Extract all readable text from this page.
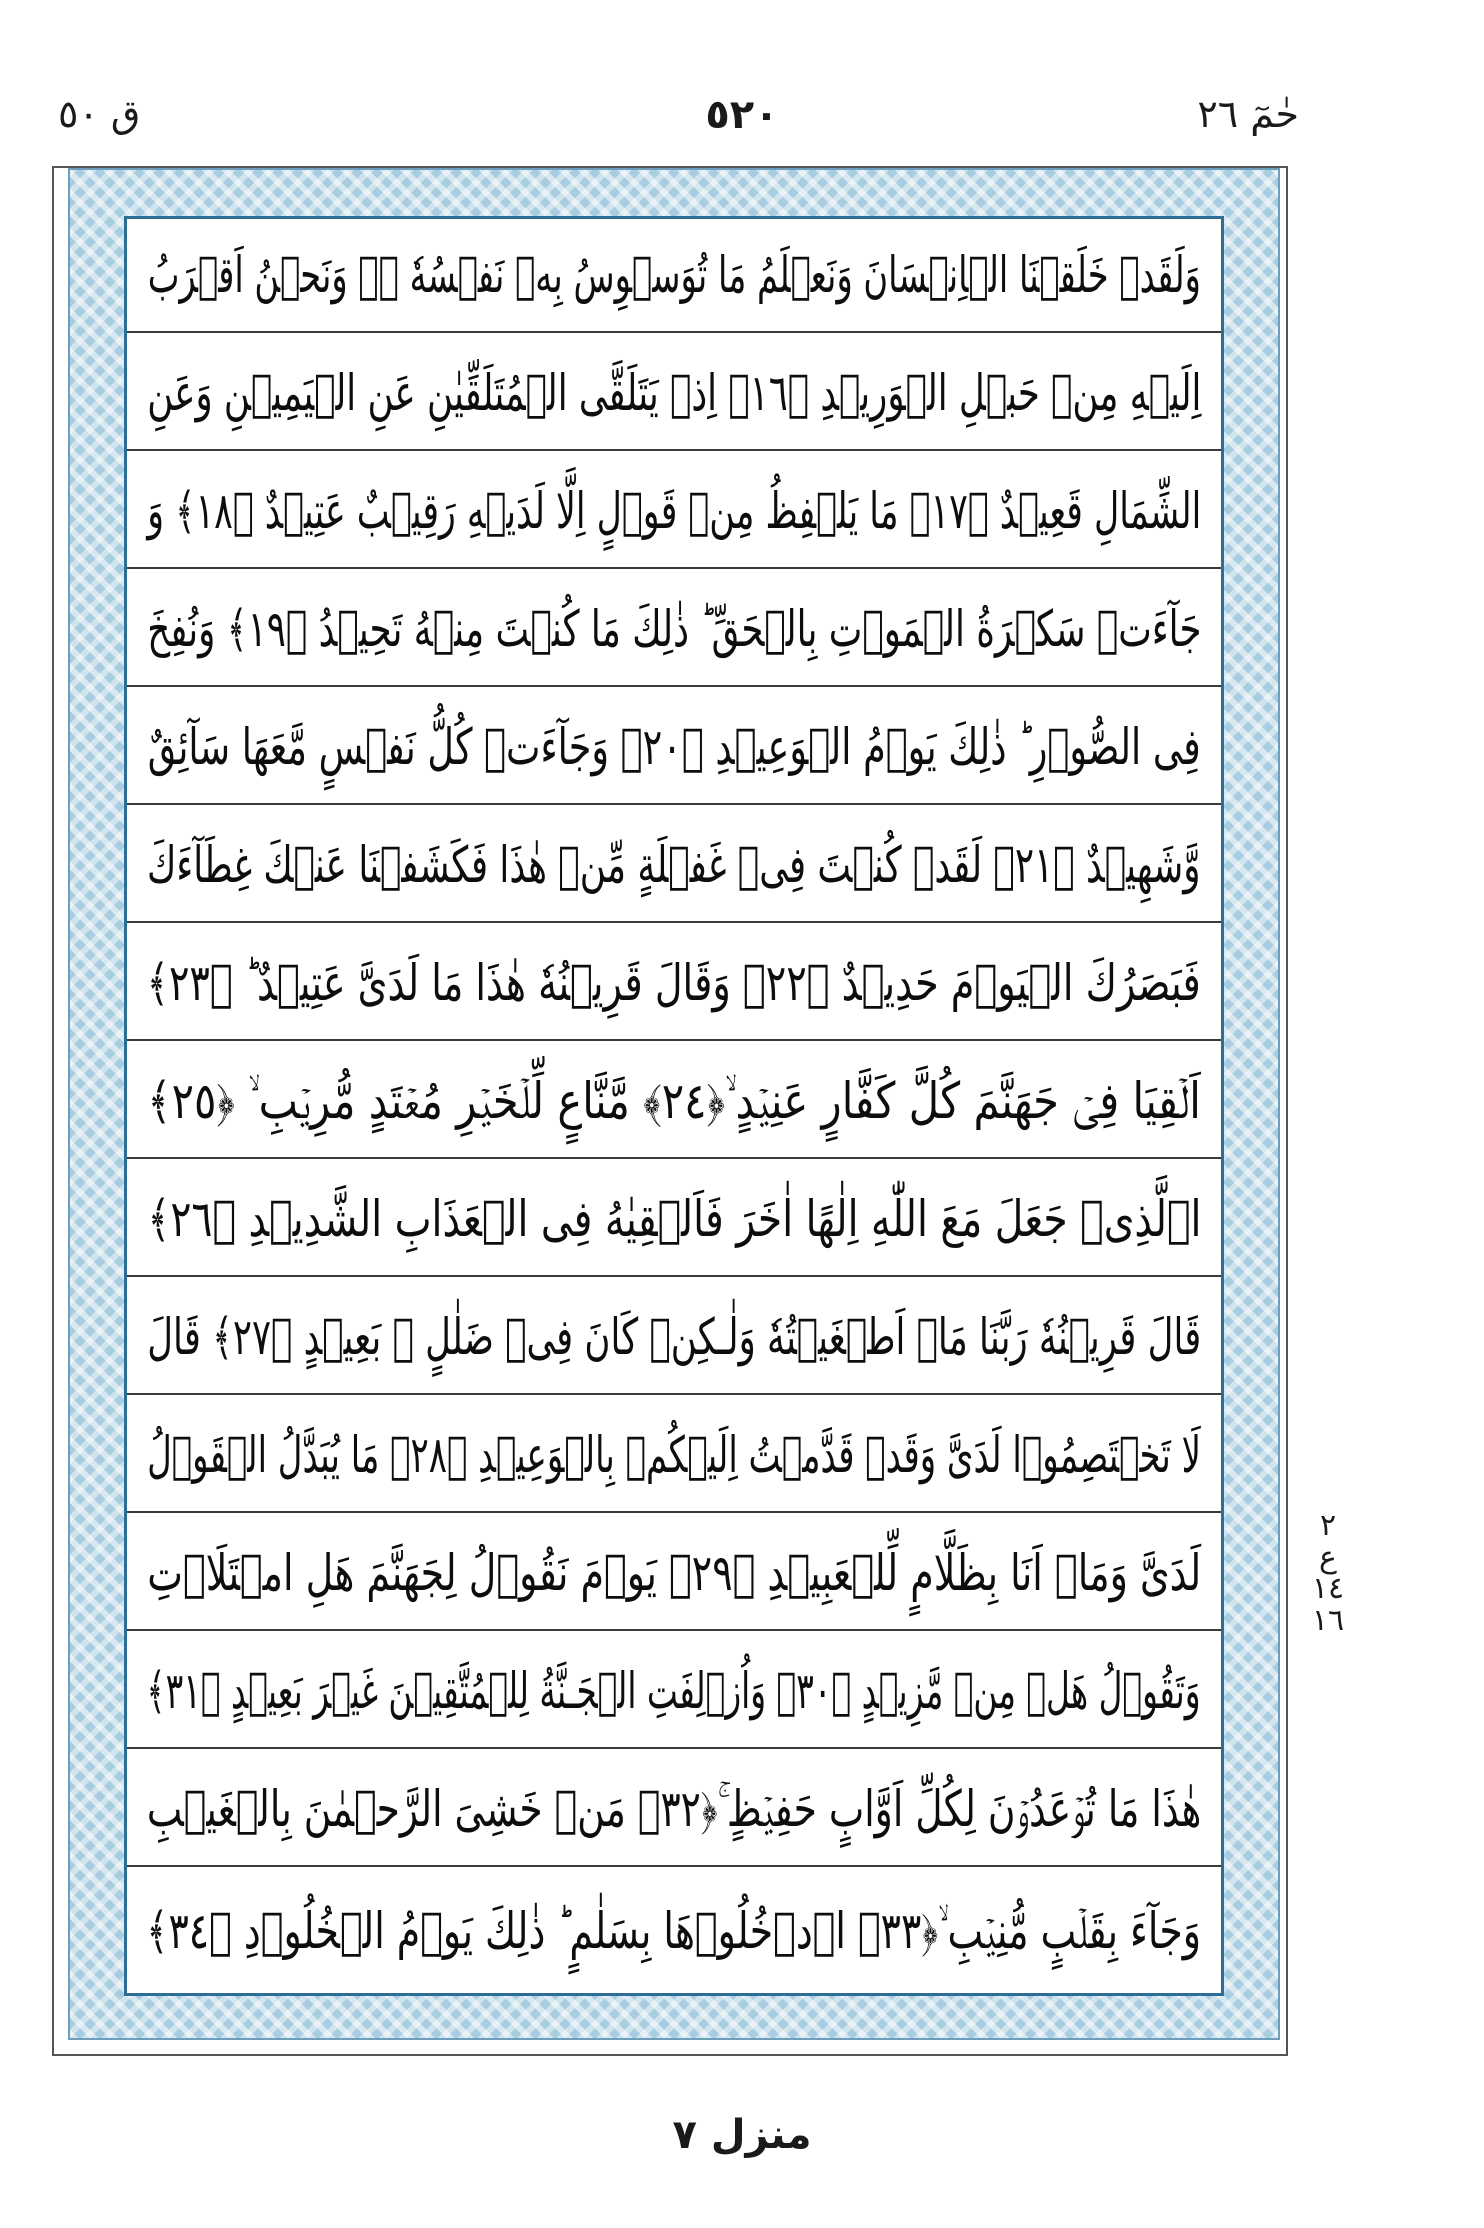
ق ٥٠	٥٢٠	حٰمٓ ٢٦
وَلَقَدۡ خَلَقۡنَا الۡاِنۡسَانَ وَنَعۡلَمُ مَا تُوَسۡوِسُ بِهٖ نَفۡسُهٗ ۖۚ وَنَحۡنُ اَقۡرَبُ
اِلَيۡهِ مِنۡ حَبۡلِ الۡوَرِيۡدِ ﴿١٦﴾ اِذۡ يَتَلَقَّى الۡمُتَلَقِّيٰنِ عَنِ الۡيَمِيۡنِ وَعَنِ
الشِّمَالِ قَعِيۡدٌ ﴿١٧﴾ مَا يَلۡفِظُ مِنۡ قَوۡلٍ اِلَّا لَدَيۡهِ رَقِيۡبٌ عَتِيۡدٌ ﴿١٨﴾ وَ
جَآءَتۡ سَكۡرَةُ الۡمَوۡتِ بِالۡحَقِّ ؕ ذٰلِكَ مَا كُنۡتَ مِنۡهُ تَحِيۡدُ ﴿١٩﴾ وَنُفِخَ
فِى الصُّوۡرِ ؕ ذٰلِكَ يَوۡمُ الۡوَعِيۡدِ ﴿٢٠﴾ وَجَآءَتۡ كُلُّ نَفۡسٍ مَّعَهَا سَآئِقٌ
وَّشَهِيۡدٌ ﴿٢١﴾ لَقَدۡ كُنۡتَ فِىۡ غَفۡلَةٍ مِّنۡ هٰذَا فَكَشَفۡنَا عَنۡكَ غِطَآءَكَ
فَبَصَرُكَ الۡيَوۡمَ حَدِيۡدٌ ﴿٢٢﴾ وَقَالَ قَرِيۡنُهٗ هٰذَا مَا لَدَىَّ عَتِيۡدٌ ؕ ﴿٢٣﴾
اَلۡقِيَا فِىۡ جَهَنَّمَ كُلَّ كَفَّارٍ عَنِيۡدٍ ۙ﴿٢٤﴾ مَّنَّاعٍ لِّلۡخَيۡرِ مُعۡتَدٍ مُّرِيۡبِ ۙ ﴿٢٥﴾
اۨلَّذِىۡ جَعَلَ مَعَ اللّٰهِ اِلٰهًا اٰخَرَ فَاَلۡقِيٰهُ فِى الۡعَذَابِ الشَّدِيۡدِ ﴿٢٦﴾
قَالَ قَرِيۡنُهٗ رَبَّنَا مَاۤ اَطۡغَيۡتُهٗ وَلٰـكِنۡ كَانَ فِىۡ ضَلٰلٍ ۢ بَعِيۡدٍ ﴿٢٧﴾ قَالَ
لَا تَخۡتَصِمُوۡا لَدَىَّ وَقَدۡ قَدَّمۡتُ اِلَيۡكُمۡ بِالۡوَعِيۡدِ ﴿٢٨﴾ مَا يُبَدَّلُ الۡقَوۡلُ
لَدَىَّ وَمَاۤ اَنَا بِظَلَّامٍ لِّلۡعَبِيۡدِ ﴿٢٩﴾ يَوۡمَ نَقُوۡلُ لِجَهَنَّمَ هَلِ امۡتَلَاۡتِ
وَتَقُوۡلُ هَلۡ مِنۡ مَّزِيۡدٍ ﴿٣٠﴾ وَاُزۡلِفَتِ الۡجَـنَّةُ لِلۡمُتَّقِيۡنَ غَيۡرَ بَعِيۡدٍ ﴿٣١﴾
هٰذَا مَا تُوۡعَدُوۡنَ لِكُلِّ اَوَّابٍ حَفِيۡظٍ ۚ﴿٣٢﴾ مَنۡ خَشِىَ الرَّحۡمٰنَ بِالۡغَيۡبِ
وَجَآءَ بِقَلۡبٍ مُّنِيۡبِ ۙ﴿٣٣﴾ اۨدۡخُلُوۡهَا بِسَلٰمٍ ؕ ذٰلِكَ يَوۡمُ الۡخُلُوۡدِ ﴿٣٤﴾
٢
ع
١٤
١٦
منزل ٧
